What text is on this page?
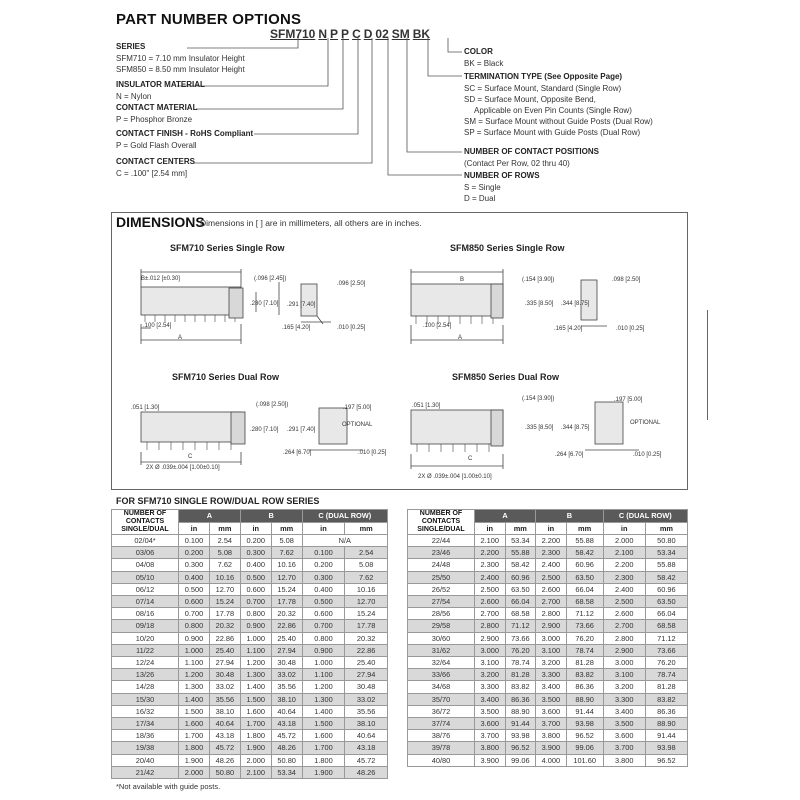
PART NUMBER OPTIONS
SFM710 N P P C D 02 SM BK
SERIES
SFM710 = 7.10 mm Insulator Height
SFM850 = 8.50 mm Insulator Height
INSULATOR MATERIAL
N = Nylon
CONTACT MATERIAL
P = Phosphor Bronze
CONTACT FINISH - RoHS Compliant
P = Gold Flash Overall
CONTACT CENTERS
C = .100" [2.54 mm]
COLOR
BK = Black
TERMINATION TYPE (See Opposite Page)
SC = Surface Mount, Standard (Single Row)
SD = Surface Mount, Opposite Bend,
Applicable on Even Pin Counts (Single Row)
SM = Surface Mount without Guide Posts (Dual Row)
SP = Surface Mount with Guide Posts (Dual Row)
NUMBER OF CONTACT POSITIONS
(Contact Per Row, 02 thru 40)
NUMBER OF ROWS
S = Single
D = Dual
DIMENSIONS
Dimensions in [ ] are in millimeters, all others are in inches.
SFM710 Series Single Row	SFM850 Series Single Row
SFM710 Series Dual Row	SFM850 Series Dual Row
B±.012 [±0.30]	(.096 [2.45])
.096 [2.50]
.280 [7.10] .291 [7.40]
.100 [2.54]
A
.165 [4.20]	.010 [0.25]
B	(.154 [3.90])	.098 [2.50]
.335 [8.50] .344 [8.75]
.100 [2.54]
A
.165 [4.20]	.010 [0.25]
.051 [1.30]	(.098 [2.50])	.197 [5.00]
.280 [7.10] .291 [7.40]
OPTIONAL
.264 [6.70]	.010 [0.25]
C
2X Ø .039±.004 [1.00±0.10]
.051 [1.30]
(.154 [3.90])	.197 [5.00]
.335 [8.50] .344 [8.75]
OPTIONAL
.264 [6.70]	.010 [0.25]
C
2X Ø .039±.004 [1.00±0.10]
FOR SFM710 SINGLE ROW/DUAL ROW SERIES
NUMBER OF CONTACTS SINGLE/DUAL	A		B		C (DUAL ROW)	
	in	mm	in	mm	in	mm
02/04*	0.100	2.54	0.200	5.08	N/A	
03/06	0.200	5.08	0.300	7.62	0.100	2.54
04/08	0.300	7.62	0.400	10.16	0.200	5.08
05/10	0.400	10.16	0.500	12.70	0.300	7.62
06/12	0.500	12.70	0.600	15.24	0.400	10.16
07/14	0.600	15.24	0.700	17.78	0.500	12.70
08/16	0.700	17.78	0.800	20.32	0.600	15.24
09/18	0.800	20.32	0.900	22.86	0.700	17.78
10/20	0.900	22.86	1.000	25.40	0.800	20.32
11/22	1.000	25.40	1.100	27.94	0.900	22.86
12/24	1.100	27.94	1.200	30.48	1.000	25.40
13/26	1.200	30.48	1.300	33.02	1.100	27.94
14/28	1.300	33.02	1.400	35.56	1.200	30.48
15/30	1.400	35.56	1.500	38.10	1.300	33.02
16/32	1.500	38.10	1.600	40.64	1.400	35.56
17/34	1.600	40.64	1.700	43.18	1.500	38.10
18/36	1.700	43.18	1.800	45.72	1.600	40.64
19/38	1.800	45.72	1.900	48.26	1.700	43.18
20/40	1.900	48.26	2.000	50.80	1.800	45.72
21/42	2.000	50.80	2.100	53.34	1.900	48.26
NUMBER OF CONTACTS SINGLE/DUAL	A		B		C (DUAL ROW)	
	in	mm	in	mm	in	mm
22/44	2.100	53.34	2.200	55.88	2.000	50.80
23/46	2.200	55.88	2.300	58.42	2.100	53.34
24/48	2.300	58.42	2.400	60.96	2.200	55.88
25/50	2.400	60.96	2.500	63.50	2.300	58.42
26/52	2.500	63.50	2.600	66.04	2.400	60.96
27/54	2.600	66.04	2.700	68.58	2.500	63.50
28/56	2.700	68.58	2.800	71.12	2.600	66.04
29/58	2.800	71.12	2.900	73.66	2.700	68.58
30/60	2.900	73.66	3.000	76.20	2.800	71.12
31/62	3.000	76.20	3.100	78.74	2.900	73.66
32/64	3.100	78.74	3.200	81.28	3.000	76.20
33/66	3.200	81.28	3.300	83.82	3.100	78.74
34/68	3.300	83.82	3.400	86.36	3.200	81.28
35/70	3.400	86.36	3.500	88.90	3.300	83.82
36/72	3.500	88.90	3.600	91.44	3.400	86.36
37/74	3.600	91.44	3.700	93.98	3.500	88.90
38/76	3.700	93.98	3.800	96.52	3.600	91.44
39/78	3.800	96.52	3.900	99.06	3.700	93.98
40/80	3.900	99.06	4.000	101.60	3.800	96.52
*Not available with guide posts.
